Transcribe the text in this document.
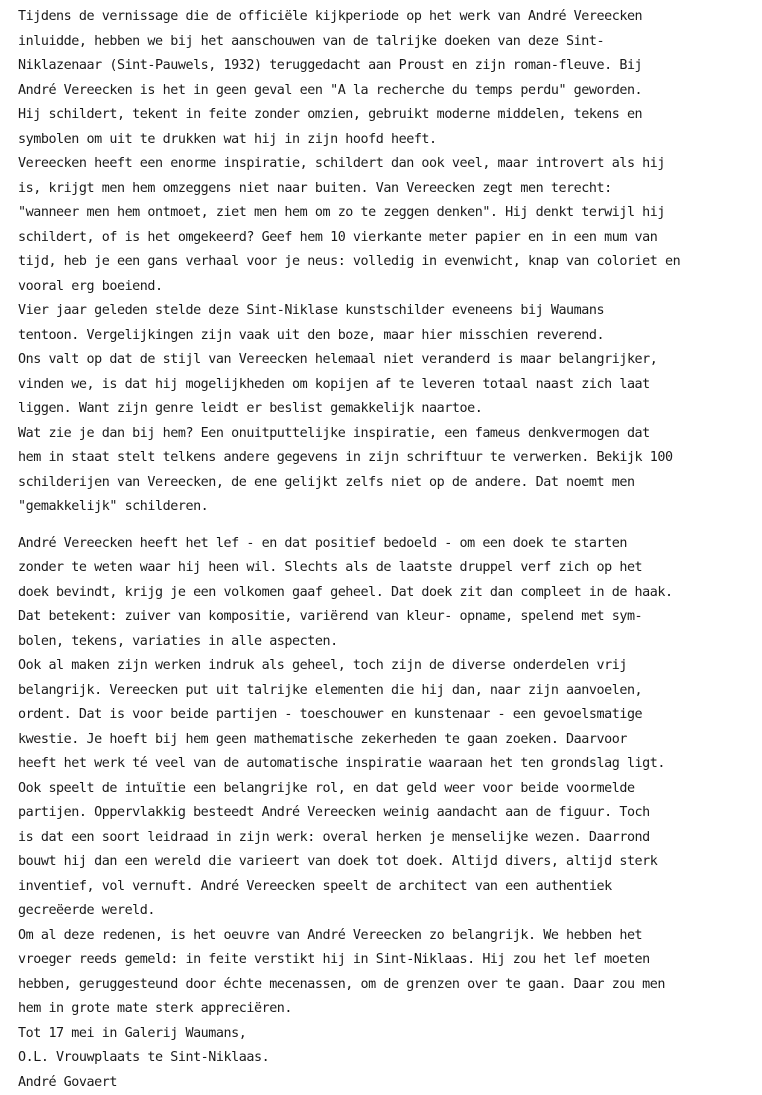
Tijdens de vernissage die de officiële kijkperiode op het werk van André Vereecken
inluidde, hebben we bij het aanschouwen van de talrijke doeken van deze Sint-
Niklazenaar (Sint-Pauwels, 1932) teruggedacht aan Proust en zijn roman-fleuve. Bij
André Vereecken is het in geen geval een "A la recherche du temps perdu" geworden.
Hij schildert, tekent in feite zonder omzien, gebruikt moderne middelen, tekens en
symbolen om uit te drukken wat hij in zijn hoofd heeft.
Vereecken heeft een enorme inspiratie, schildert dan ook veel, maar introvert als hij
is, krijgt men hem omzeggens niet naar buiten. Van Vereecken zegt men terecht:
"wanneer men hem ontmoet, ziet men hem om zo te zeggen denken". Hij denkt terwijl hij
schildert, of is het omgekeerd? Geef hem 10 vierkante meter papier en in een mum van
tijd, heb je een gans verhaal voor je neus: volledig in evenwicht, knap van coloriet en
vooral erg boeiend.
Vier jaar geleden stelde deze Sint-Niklase kunstschilder eveneens bij Waumans
tentoon. Vergelijkingen zijn vaak uit den boze, maar hier misschien reverend.
Ons valt op dat de stijl van Vereecken helemaal niet veranderd is maar belangrijker,
vinden we, is dat hij mogelijkheden om kopijen af te leveren totaal naast zich laat
liggen. Want zijn genre leidt er beslist gemakkelijk naartoe.
Wat zie je dan bij hem? Een onuitputtelijke inspiratie, een fameus denkvermogen dat
hem in staat stelt telkens andere gegevens in zijn schriftuur te verwerken. Bekijk 100
schilderijen van Vereecken, de ene gelijkt zelfs niet op de andere. Dat noemt men
"gemakkelijk" schilderen.
André Vereecken heeft het lef - en dat positief bedoeld - om een doek te starten
zonder te weten waar hij heen wil. Slechts als de laatste druppel verf zich op het
doek bevindt, krijg je een volkomen gaaf geheel. Dat doek zit dan compleet in de haak.
Dat betekent: zuiver van kompositie, variërend van kleur- opname, spelend met sym-
bolen, tekens, variaties in alle aspecten.
Ook al maken zijn werken indruk als geheel, toch zijn de diverse onderdelen vrij
belangrijk. Vereecken put uit talrijke elementen die hij dan, naar zijn aanvoelen,
ordent. Dat is voor beide partijen - toeschouwer en kunstenaar - een gevoelsmatige
kwestie. Je hoeft bij hem geen mathematische zekerheden te gaan zoeken. Daarvoor
heeft het werk té veel van de automatische inspiratie waaraan het ten grondslag ligt.
Ook speelt de intuïtie een belangrijke rol, en dat geld weer voor beide voormelde
partijen. Oppervlakkig besteedt André Vereecken weinig aandacht aan de figuur. Toch
is dat een soort leidraad in zijn werk: overal herken je menselijke wezen. Daarrond
bouwt hij dan een wereld die varieert van doek tot doek. Altijd divers, altijd sterk
inventief, vol vernuft. André Vereecken speelt de architect van een authentiek
gecreëerde wereld.
Om al deze redenen, is het oeuvre van André Vereecken zo belangrijk. We hebben het
vroeger reeds gemeld: in feite verstikt hij in Sint-Niklaas. Hij zou het lef moeten
hebben, geruggesteund door échte mecenassen, om de grenzen over te gaan. Daar zou men
hem in grote mate sterk appreciëren.
Tot 17 mei in Galerij Waumans,
O.L. Vrouwplaats te Sint-Niklaas.
André Govaert
